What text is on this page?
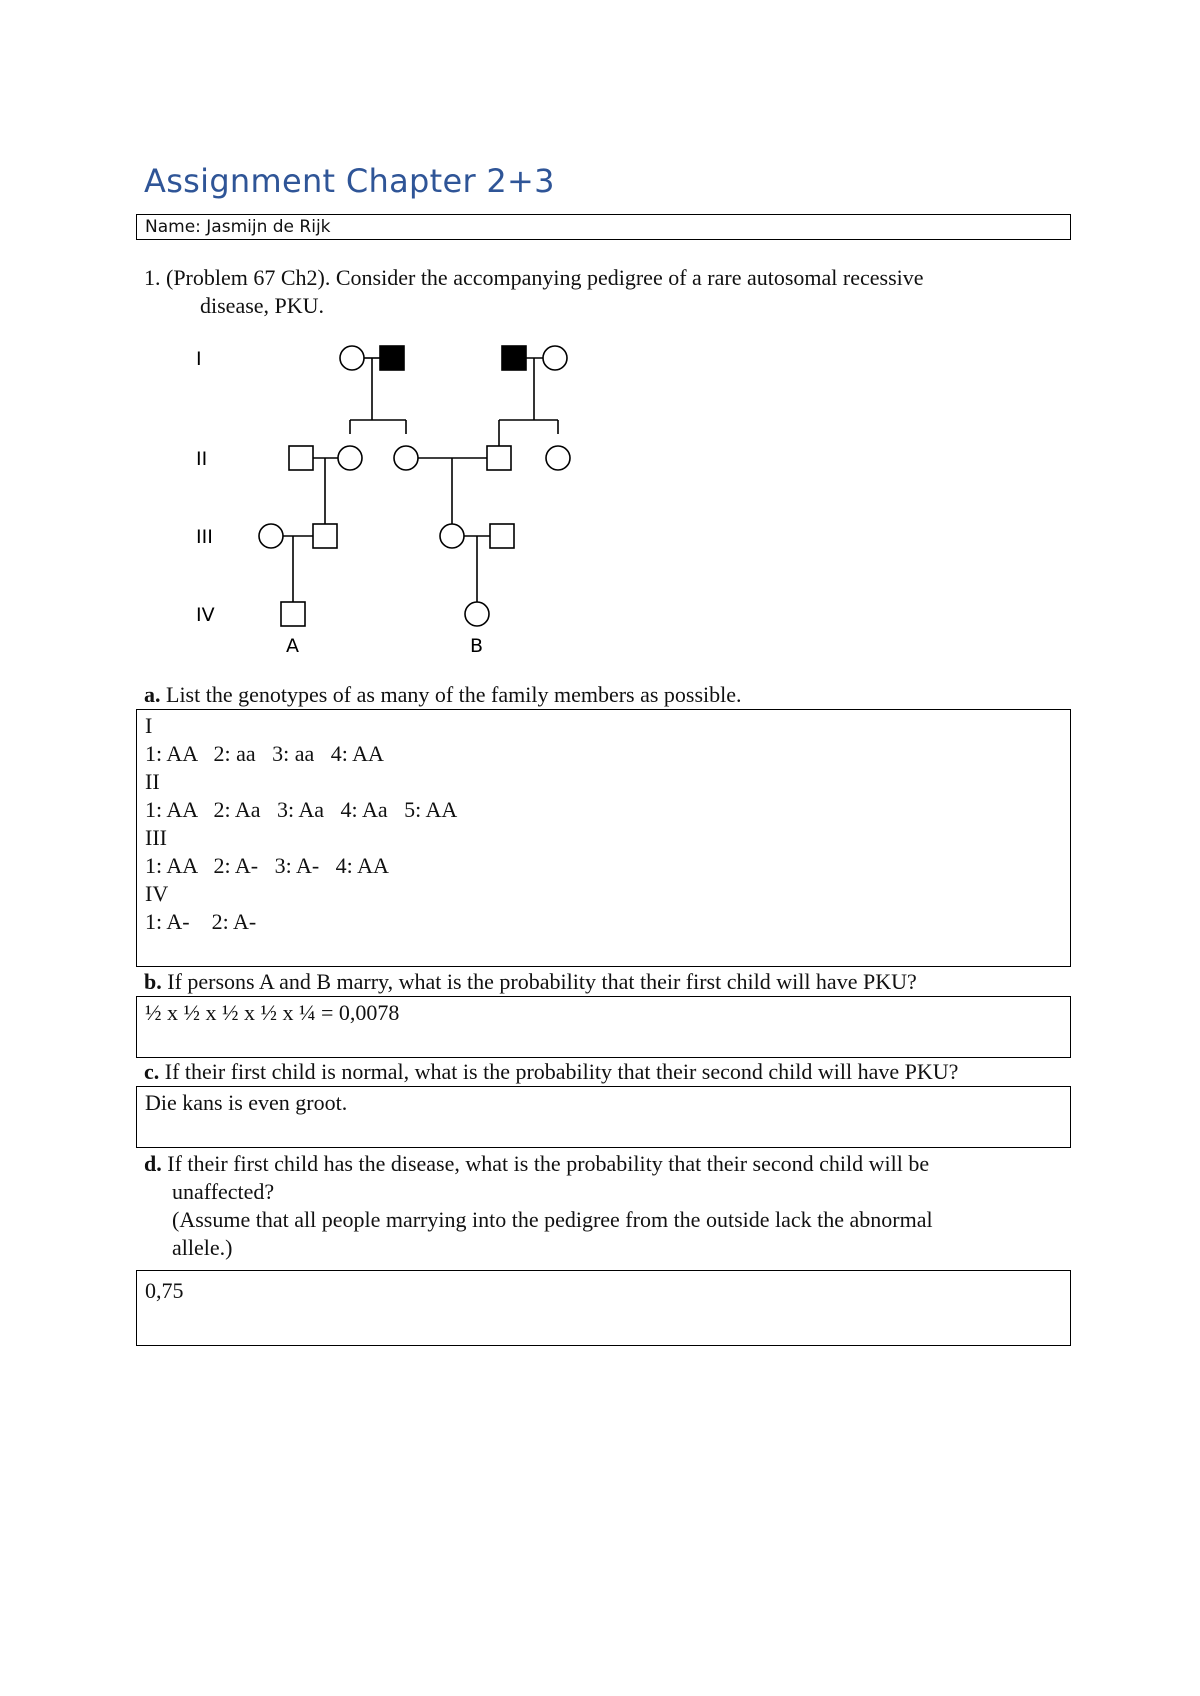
Assignment Chapter 2+3
Name: Jasmijn de Rijk
1. (Problem 67 Ch2). Consider the accompanying pedigree of a rare autosomal recessive
disease, PKU.
I
II
III
IV
A	B
a. List the genotypes of as many of the family members as possible.
I
1: AA   2: aa   3: aa   4: AA
II
1: AA   2: Aa   3: Aa   4: Aa   5: AA
III
1: AA   2: A-   3: A-   4: AA
IV
1: A-    2: A-
b. If persons A and B marry, what is the probability that their first child will have PKU?
½ x ½ x ½ x ½ x ¼ = 0,0078
c. If their first child is normal, what is the probability that their second child will have PKU?
Die kans is even groot.
d. If their first child has the disease, what is the probability that their second child will be
unaffected?
(Assume that all people marrying into the pedigree from the outside lack the abnormal
allele.)
0,75
